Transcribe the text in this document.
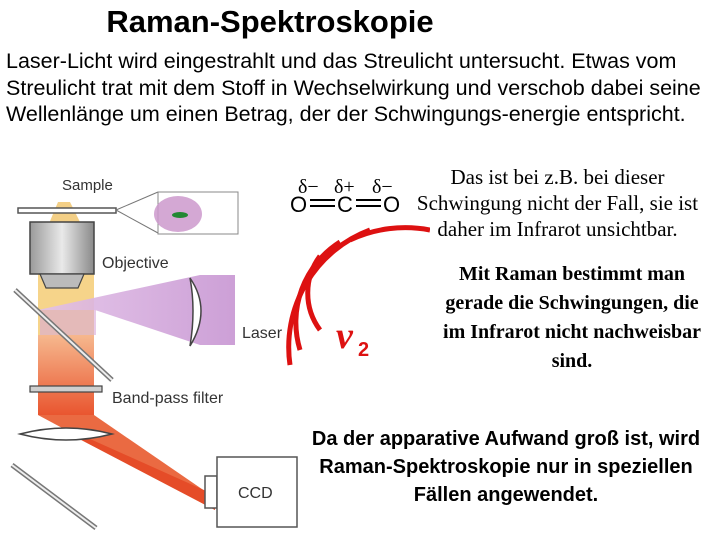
Raman-Spektroskopie
Laser-Licht wird eingestrahlt und das Streulicht untersucht. Etwas vom Streulicht trat mit dem Stoff in Wechselwirkung und verschob dabei seine Wellenlänge um einen Betrag, der der Schwingungs-energie entspricht.
Sample
Objective
Laser
Band-pass filter
CCD
δ− δ+ δ−
O C O
ν 2
Das ist bei z.B. bei dieser Schwingung nicht der Fall, sie ist daher im Infrarot unsichtbar.
Mit Raman bestimmt man gerade die Schwingungen, die im Infrarot nicht nachweisbar sind.
Da der apparative Aufwand groß ist, wird Raman-Spektroskopie nur in speziellen Fällen angewendet.
